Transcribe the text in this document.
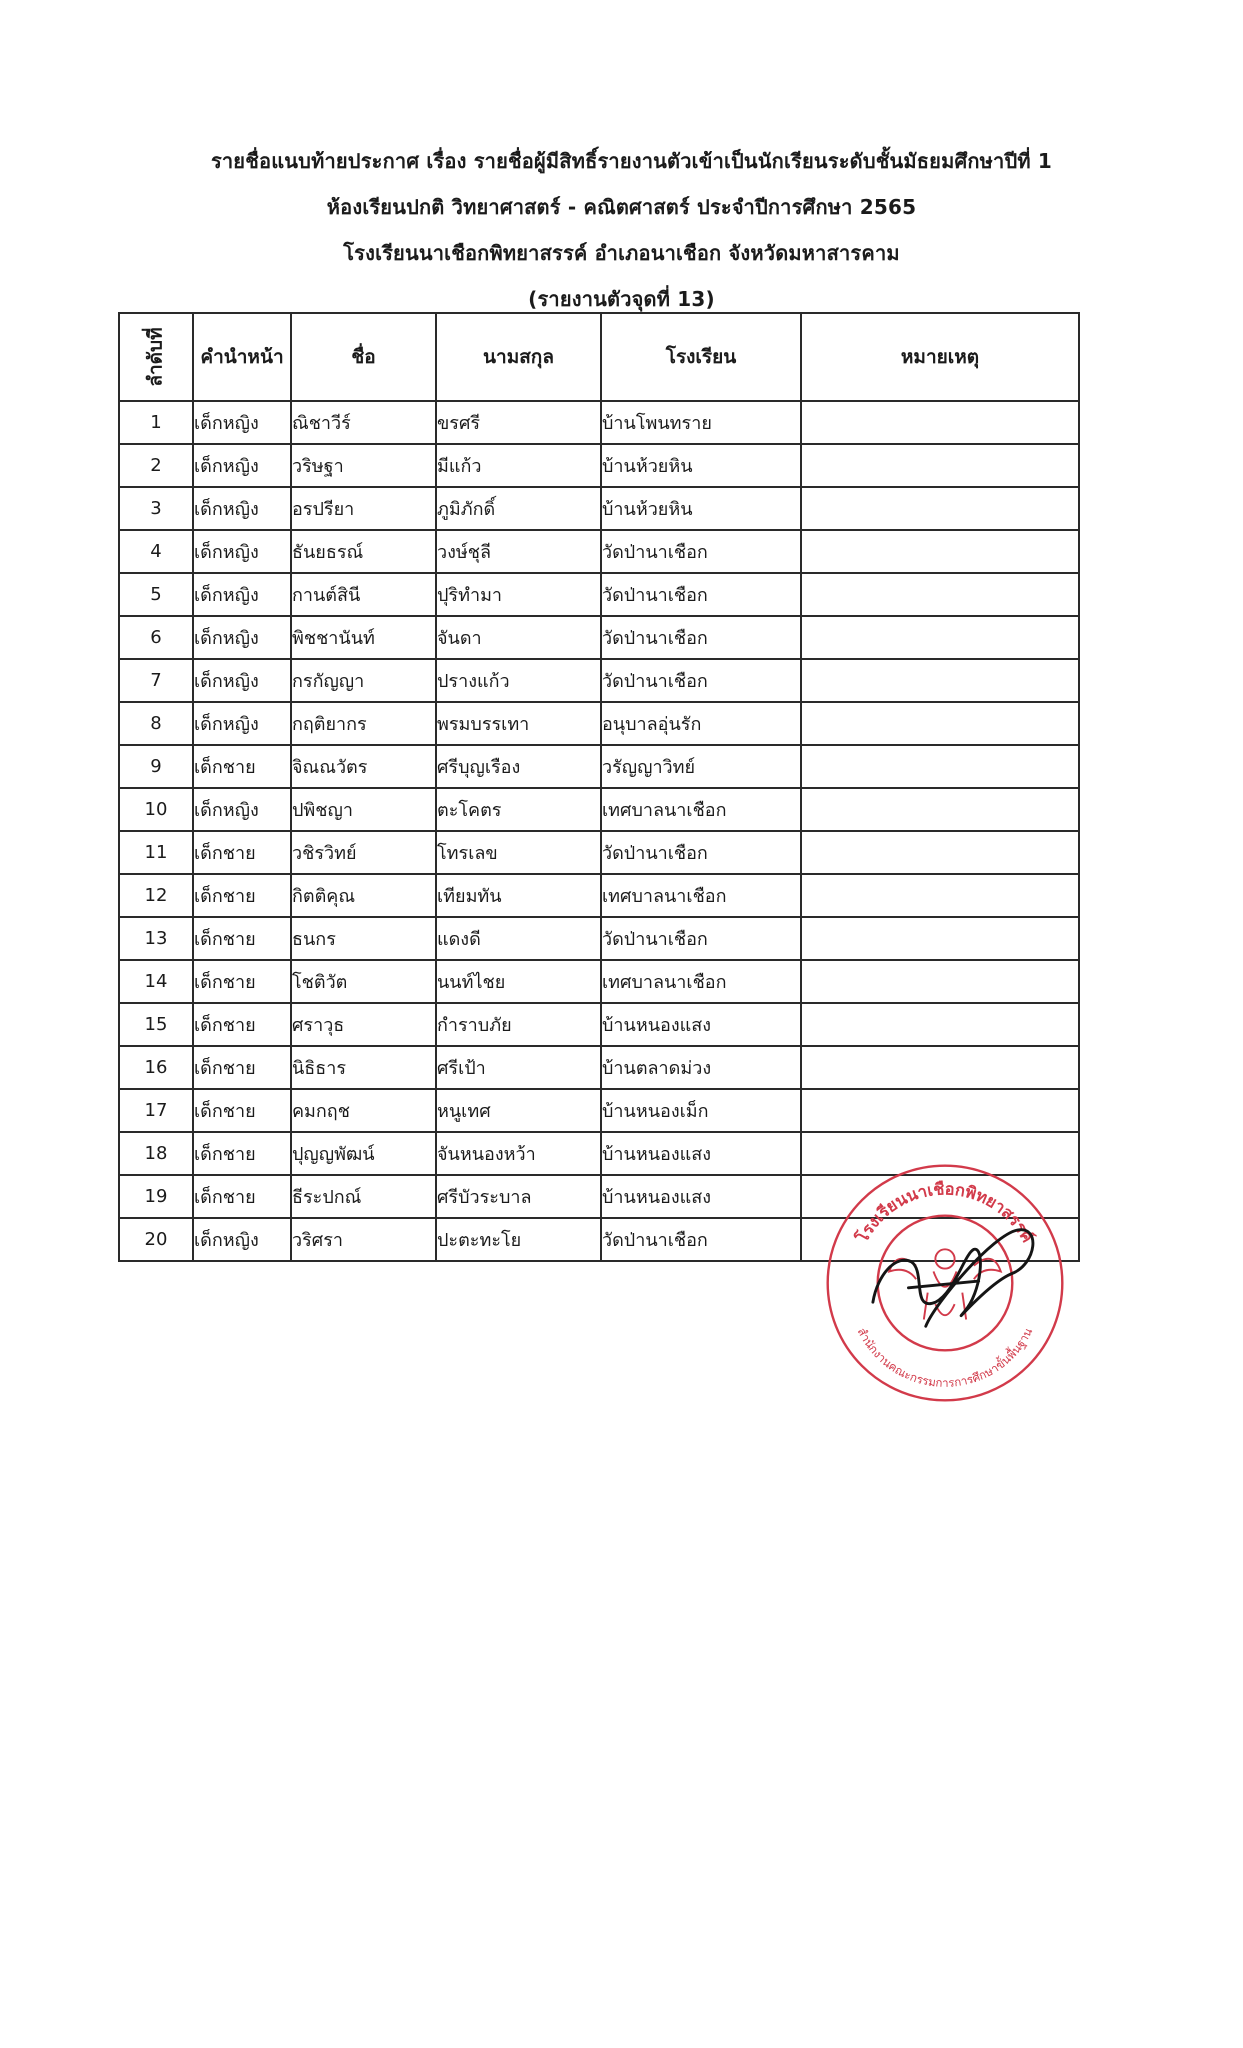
รายชื่อแนบท้ายประกาศ เรื่อง รายชื่อผู้มีสิทธิ์รายงานตัวเข้าเป็นนักเรียนระดับชั้นมัธยมศึกษาปีที่ 1
ห้องเรียนปกติ วิทยาศาสตร์ - คณิตศาสตร์ ประจำปีการศึกษา 2565
โรงเรียนนาเชือกพิทยาสรรค์ อำเภอนาเชือก จังหวัดมหาสารคาม
(รายงานตัวจุดที่ 13)
ลำดับที่	คำนำหน้า	ชื่อ	นามสกุล	โรงเรียน	หมายเหตุ
1	เด็กหญิง	ณิชาวีร์	ขรศรี	บ้านโพนทราย	
2	เด็กหญิง	วริษฐา	มีแก้ว	บ้านห้วยหิน	
3	เด็กหญิง	อรปรียา	ภูมิภักดิ์	บ้านห้วยหิน	
4	เด็กหญิง	ธันยธรณ์	วงษ์ชุลี	วัดป่านาเชือก	
5	เด็กหญิง	กานต์สินี	ปุริทำมา	วัดป่านาเชือก	
6	เด็กหญิง	พิชชานันท์	จันดา	วัดป่านาเชือก	
7	เด็กหญิง	กรกัญญา	ปรางแก้ว	วัดป่านาเชือก	
8	เด็กหญิง	กฤติยากร	พรมบรรเทา	อนุบาลอุ่นรัก	
9	เด็กชาย	จิณณวัตร	ศรีบุญเรือง	วรัญญาวิทย์	
10	เด็กหญิง	ปพิชญา	ตะโคตร	เทศบาลนาเชือก	
11	เด็กชาย	วชิรวิทย์	โทรเลข	วัดป่านาเชือก	
12	เด็กชาย	กิตติคุณ	เทียมทัน	เทศบาลนาเชือก	
13	เด็กชาย	ธนกร	แดงดี	วัดป่านาเชือก	
14	เด็กชาย	โชติวัต	นนท์ไชย	เทศบาลนาเชือก	
15	เด็กชาย	ศราวุธ	กำราบภัย	บ้านหนองแสง	
16	เด็กชาย	นิธิธาร	ศรีเป้า	บ้านตลาดม่วง	
17	เด็กชาย	คมกฤช	หนูเทศ	บ้านหนองเม็ก	
18	เด็กชาย	ปุญญพัฒน์	จันหนองหว้า	บ้านหนองแสง	
19	เด็กชาย	ธีระปกณ์	ศรีบัวระบาล	บ้านหนองแสง	
20	เด็กหญิง	วริศรา	ปะตะทะโย	วัดป่านาเชือก		โรงเรียนนาเชือกพิทยาสรรค์
สำนักงานคณะกรรมการการศึกษาขั้นพื้นฐาน
